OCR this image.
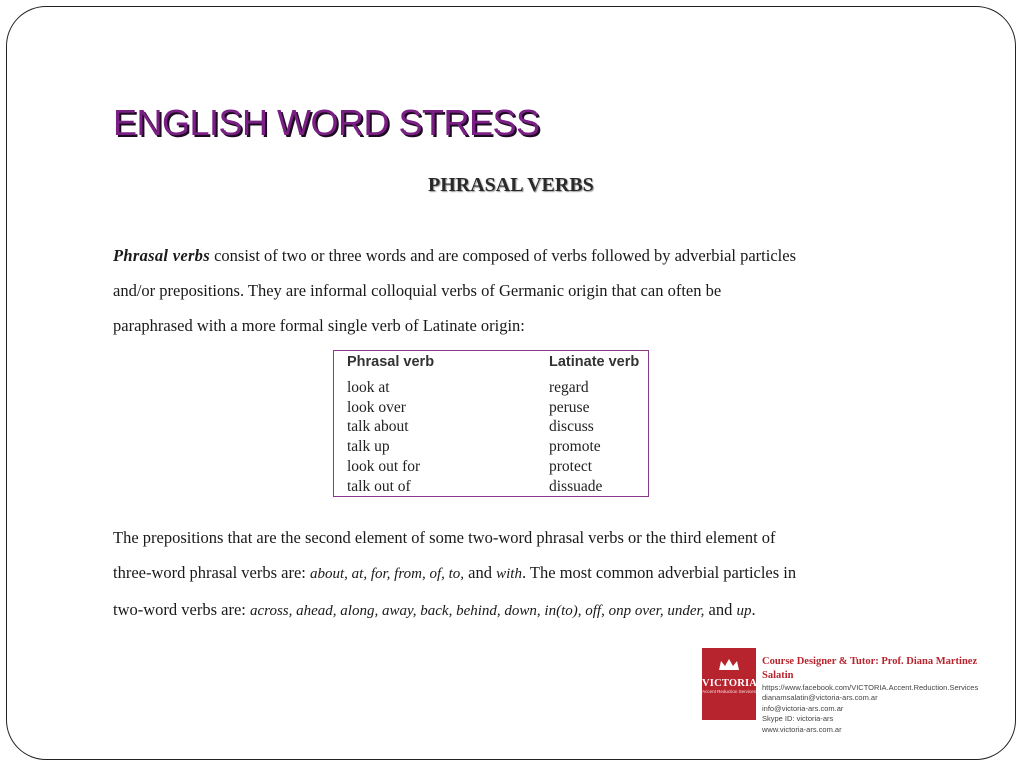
ENGLISH WORD STRESS
PHRASAL VERBS

Phrasal verbs consist of two or three words and are composed of verbs followed by adverbial particles and/or prepositions. They are informal colloquial verbs of Germanic origin that can often be paraphrased with a more formal single verb of Latinate origin:

Phrasal verb	Latinate verb
look at
look over
talk about
talk up
look out for
talk out of
regard
peruse
discuss
promote
protect
dissuade

The prepositions that are the second element of some two-word phrasal verbs or the third element of three-word phrasal verbs are: about, at, for, from, of, to, and with. The most common adverbial particles in two-word verbs are: across, ahead, along, away, back, behind, down, in(to), off, onp over, under, and up.

VICTORIA
Accent Reduction Services
Course Designer & Tutor: Prof. Diana Martinez Salatin
https://www.facebook.com/VICTORIA.Accent.Reduction.Services
dianamsalatin@victoria-ars.com.ar
info@victoria-ars.com.ar
Skype ID: victoria-ars
www.victoria-ars.com.ar
